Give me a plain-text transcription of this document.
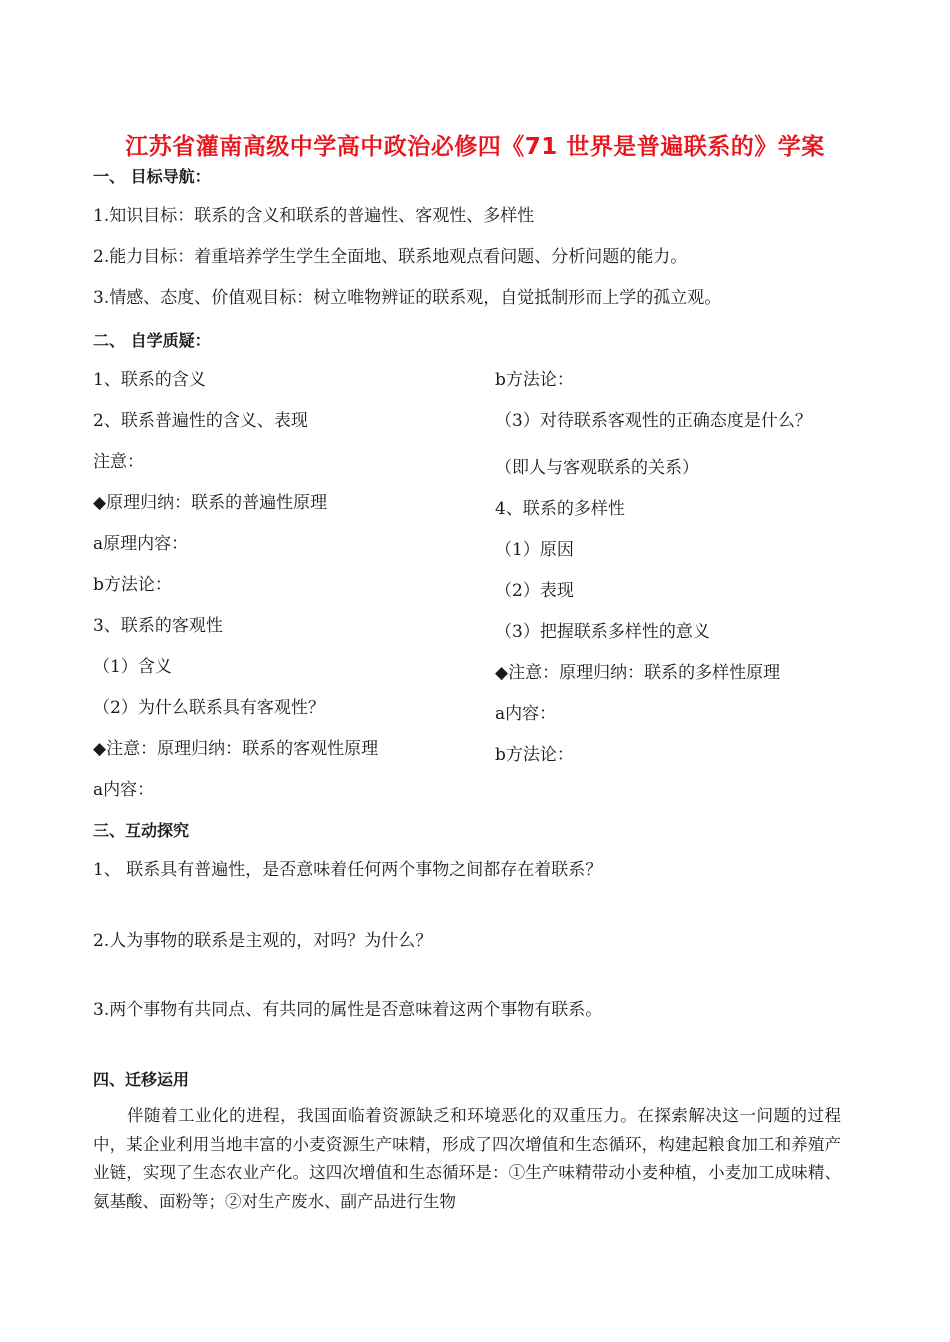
江苏省灌南高级中学高中政治必修四《71 世界是普遍联系的》学案
一、 目标导航：
1.知识目标：联系的含义和联系的普遍性、客观性、多样性
2.能力目标：着重培养学生学生全面地、联系地观点看问题、分析问题的能力。
3.情感、态度、价值观目标：树立唯物辨证的联系观，自觉抵制形而上学的孤立观。
二、 自学质疑：
1、联系的含义
2、联系普遍性的含义、表现
注意：
◆原理归纳：联系的普遍性原理
a原理内容：
b方法论：
3、联系的客观性
（1）含义
（2）为什么联系具有客观性？
◆注意：原理归纳：联系的客观性原理
a内容：
b方法论：
（3）对待联系客观性的正确态度是什么？
（即人与客观联系的关系）
4、联系的多样性
（1）原因
（2）表现
（3）把握联系多样性的意义
◆注意：原理归纳：联系的多样性原理
a内容：
b方法论：
三、互动探究
1、 联系具有普遍性，是否意味着任何两个事物之间都存在着联系？
2.人为事物的联系是主观的，对吗？为什么？
3.两个事物有共同点、有共同的属性是否意味着这两个事物有联系。
四、迁移运用
伴随着工业化的进程，我国面临着资源缺乏和环境恶化的双重压力。在探索解决这一问题的过程中，某企业利用当地丰富的小麦资源生产味精，形成了四次增值和生态循环，构建起粮食加工和养殖产业链，实现了生态农业产化。这四次增值和生态循环是：①生产味精带动小麦种植，小麦加工成味精、氨基酸、面粉等；②对生产废水、副产品进行生物
